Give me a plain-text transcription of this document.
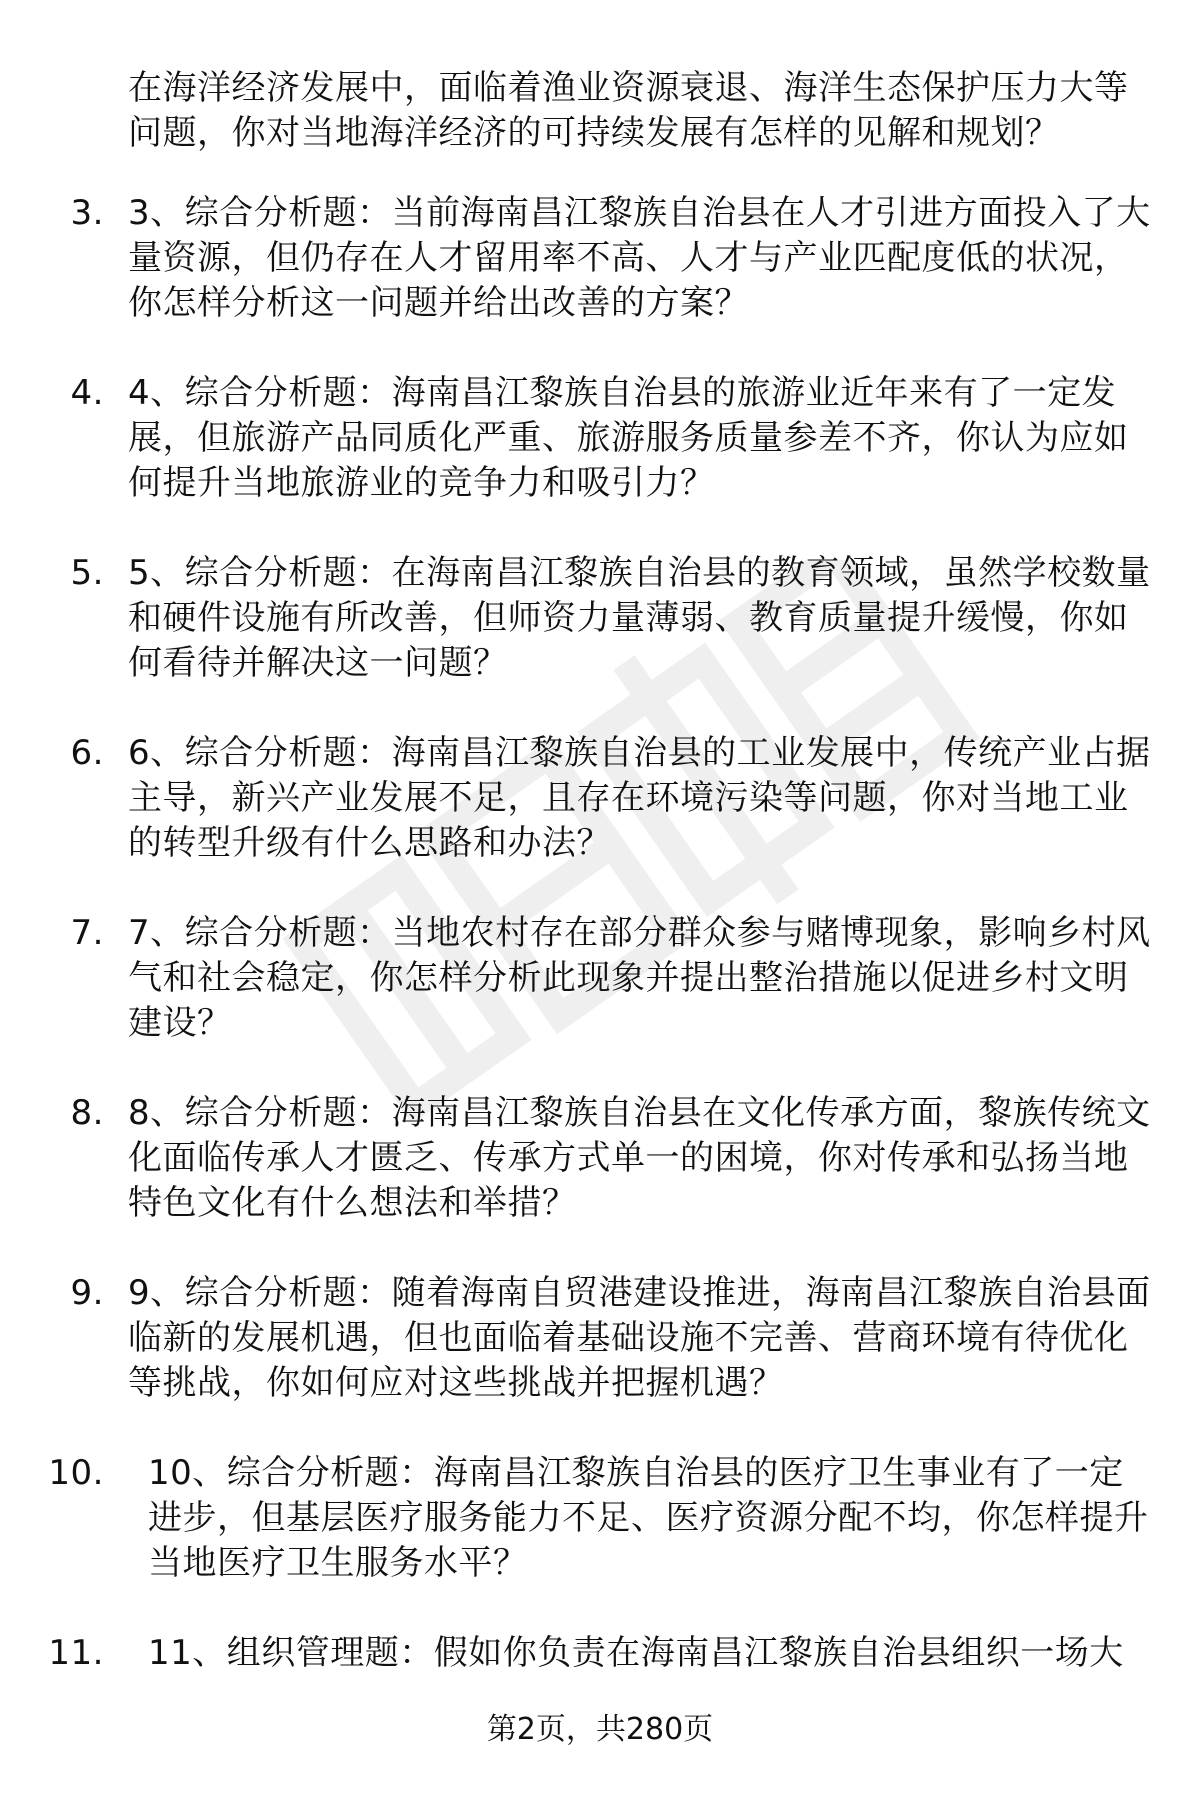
在海洋经济发展中，面临着渔业资源衰退、海洋生态保护压力大等问题，你对当地海洋经济的可持续发展有怎样的见解和规划？
3. 3、综合分析题：当前海南昌江黎族自治县在人才引进方面投入了大量资源，但仍存在人才留用率不高、人才与产业匹配度低的状况，你怎样分析这一问题并给出改善的方案？
4. 4、综合分析题：海南昌江黎族自治县的旅游业近年来有了一定发展，但旅游产品同质化严重、旅游服务质量参差不齐，你认为应如何提升当地旅游业的竞争力和吸引力？
5. 5、综合分析题：在海南昌江黎族自治县的教育领域，虽然学校数量和硬件设施有所改善，但师资力量薄弱、教育质量提升缓慢，你如何看待并解决这一问题？
6. 6、综合分析题：海南昌江黎族自治县的工业发展中，传统产业占据主导，新兴产业发展不足，且存在环境污染等问题，你对当地工业的转型升级有什么思路和办法？
7. 7、综合分析题：当地农村存在部分群众参与赌博现象，影响乡村风气和社会稳定，你怎样分析此现象并提出整治措施以促进乡村文明建设？
8. 8、综合分析题：海南昌江黎族自治县在文化传承方面，黎族传统文化面临传承人才匮乏、传承方式单一的困境，你对传承和弘扬当地特色文化有什么想法和举措？
9. 9、综合分析题：随着海南自贸港建设推进，海南昌江黎族自治县面临新的发展机遇，但也面临着基础设施不完善、营商环境有待优化等挑战，你如何应对这些挑战并把握机遇？
10. 10、综合分析题：海南昌江黎族自治县的医疗卫生事业有了一定进步，但基层医疗服务能力不足、医疗资源分配不均，你怎样提升当地医疗卫生服务水平？
11. 11、组织管理题：假如你负责在海南昌江黎族自治县组织一场大
第2页，共280页
